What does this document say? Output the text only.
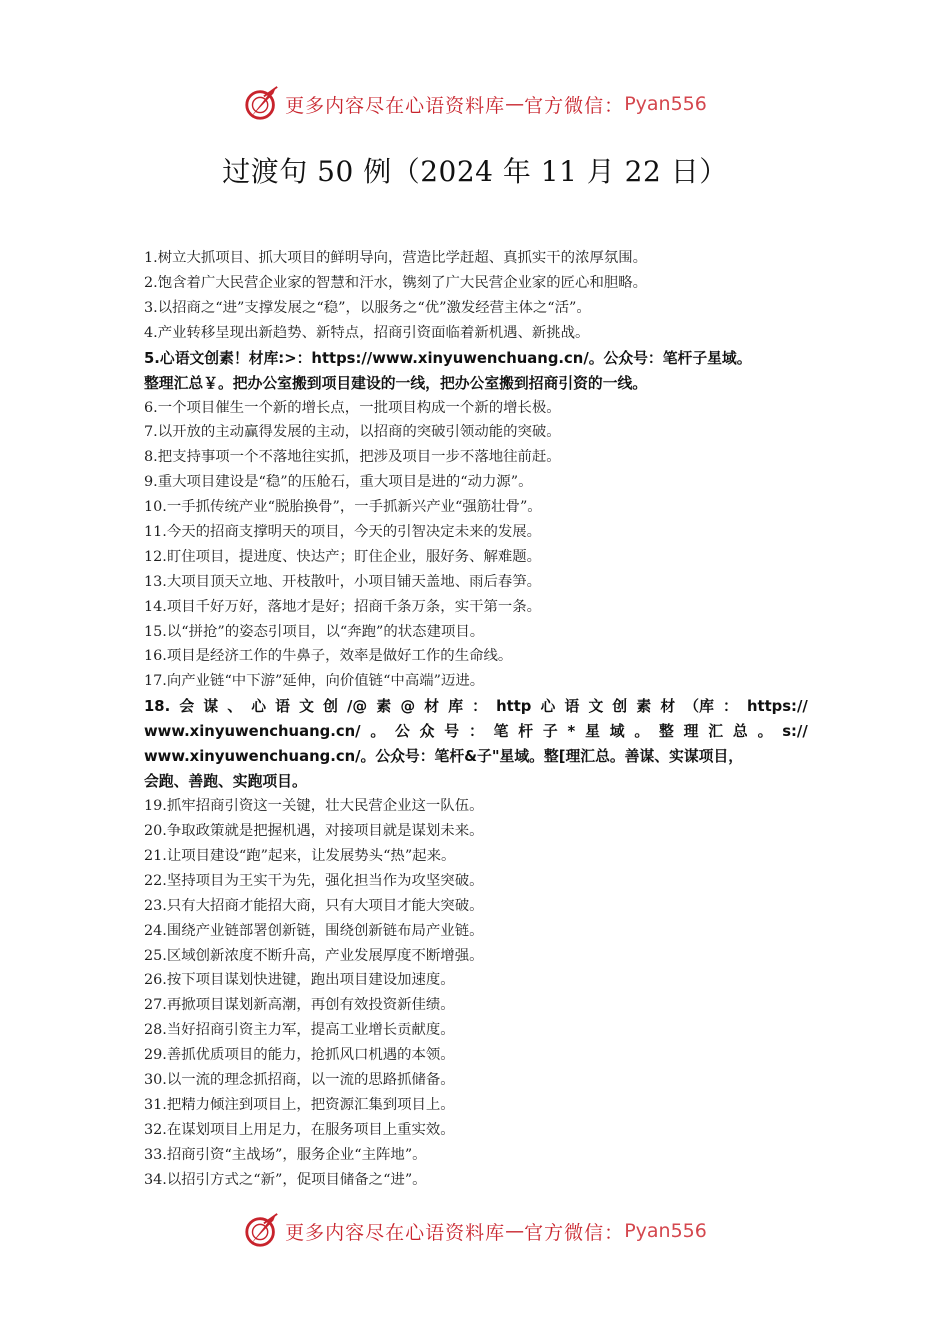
更多内容尽在心语资料库 — 官方微信： Pyan556
过渡句 50 例（2024 年 11 月 22 日）
1.树立大抓项目、抓大项目的鲜明导向，营造比学赶超、真抓实干的浓厚氛围。
2.饱含着广大民营企业家的智慧和汗水，镌刻了广大民营企业家的匠心和胆略。
3.以招商之“进”支撑发展之“稳”，以服务之“优”激发经营主体之“活”。
4.产业转移呈现出新趋势、新特点，招商引资面临着新机遇、新挑战。
5.心语文创素！材库:>：https://www.xinyuwenchuang.cn/。公众号：笔杆子星域。
整理汇总￥。把办公室搬到项目建设的一线，把办公室搬到招商引资的一线。
6.一个项目催生一个新的增长点，一批项目构成一个新的增长极。
7.以开放的主动赢得发展的主动，以招商的突破引领动能的突破。
8.把支持事项一个不落地往实抓，把涉及项目一步不落地往前赶。
9.重大项目建设是“稳”的压舱石，重大项目是进的“动力源”。
10.一手抓传统产业“脱胎换骨”，一手抓新兴产业“强筋壮骨”。
11.今天的招商支撑明天的项目，今天的引智决定未来的发展。
12.盯住项目，提进度、快达产；盯住企业，服好务、解难题。
13.大项目顶天立地、开枝散叶，小项目铺天盖地、雨后春笋。
14.项目千好万好，落地才是好；招商千条万条，实干第一条。
15.以“拼抢”的姿态引项目，以“奔跑”的状态建项目。
16.项目是经济工作的牛鼻子，效率是做好工作的生命线。
17.向产业链“中下游”延伸，向价值链“中高端”迈进。
18. 会 谋 、 心 语 文 创 /@ 素 @ 材 库 ： http 心 语 文 创 素 材 （库 ： https://
www.xinyuwenchuang.cn/ 。 公 众 号 ： 笔 杆 子 * 星 域 。 整 理 汇 总 。 s://
www.xinyuwenchuang.cn/。公众号：笔杆&子"星域。整[理汇总。善谋、实谋项目，
会跑、善跑、实跑项目。
19.抓牢招商引资这一关键，壮大民营企业这一队伍。
20.争取政策就是把握机遇，对接项目就是谋划未来。
21.让项目建设“跑”起来，让发展势头“热”起来。
22.坚持项目为王实干为先，强化担当作为攻坚突破。
23.只有大招商才能招大商，只有大项目才能大突破。
24.围绕产业链部署创新链，围绕创新链布局产业链。
25.区域创新浓度不断升高，产业发展厚度不断增强。
26.按下项目谋划快进键，跑出项目建设加速度。
27.再掀项目谋划新高潮，再创有效投资新佳绩。
28.当好招商引资主力军，提高工业增长贡献度。
29.善抓优质项目的能力，抢抓风口机遇的本领。
30.以一流的理念抓招商，以一流的思路抓储备。
31.把精力倾注到项目上，把资源汇集到项目上。
32.在谋划项目上用足力，在服务项目上重实效。
33.招商引资“主战场”，服务企业“主阵地”。
34.以招引方式之“新”，促项目储备之“进”。
更多内容尽在心语资料库 — 官方微信： Pyan556
